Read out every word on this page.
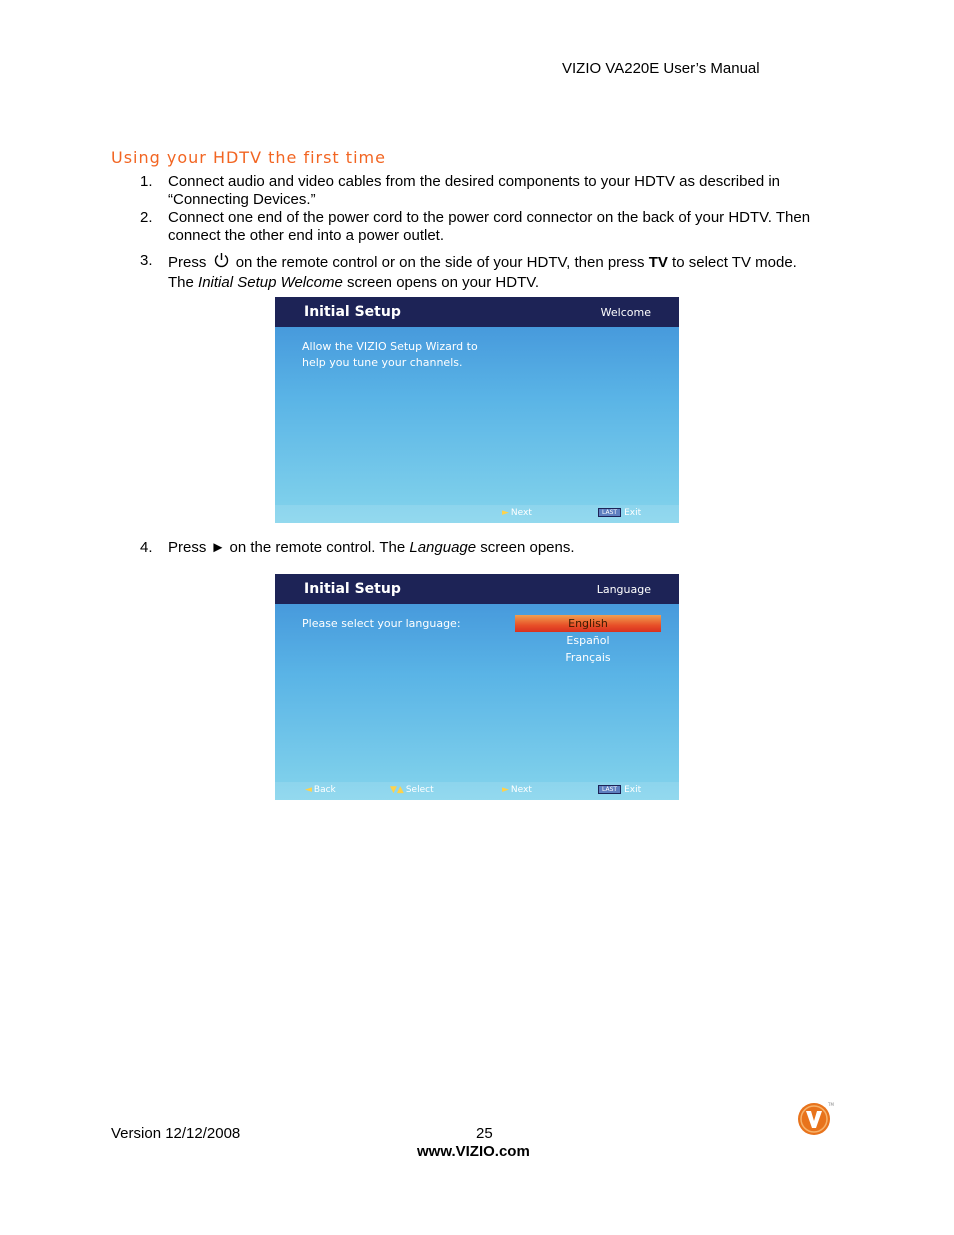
VIZIO VA220E User’s Manual
Using your HDTV the first time
1.	Connect audio and video cables from the desired components to your HDTV as described in
“Connecting Devices.”
2.	Connect one end of the power cord to the power cord connector on the back of your HDTV. Then
connect the other end into a power outlet.
3.	Press on the remote control or on the side of your HDTV, then press TV to select TV mode.
The Initial Setup Welcome screen opens on your HDTV.
Initial Setup	Welcome
Allow the VIZIO Setup Wizard to
help you tune your channels.
► Next	LAST Exit
4.	Press ► on the remote control. The Language screen opens.
Initial Setup	Language
Please select your language:	English
Español
Français
◄ Back	▼▲ Select	► Next	LAST Exit
Version 12/12/2008	25
www.VIZIO.com
TM
